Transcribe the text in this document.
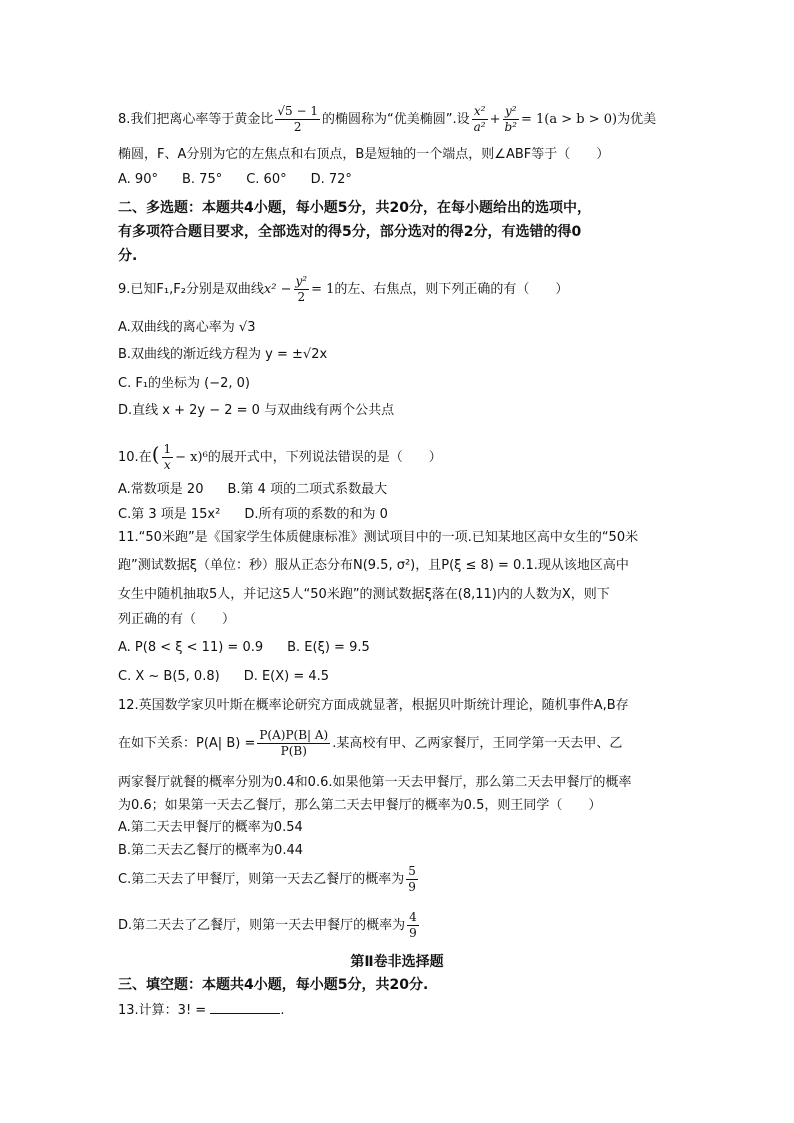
8.我们把离心率等于黄金比 $\frac{√5 - 1}{2}$ 的椭圆称为“优美椭圆”.设 $\frac{\text{x²}}{\text{a²}} + \frac{\text{y²}}{\text{b²}} = 1(a > b > 0)$为优美
椭圆，F、A分别为它的左焦点和右顶点，B是短轴的一个端点，则∠ABF等于（　　）
A. 90° B. 75° C. 60° D. 72°
二、多选题：本题共4小题，每小题5分，共20分，在每小题给出的选项中，
有多项符合题目要求，全部选对的得5分，部分选对的得2分，有选错的得0
分.
9.已知F₁,F₂分别是双曲线$x^2 - \frac{\text{y²}}{2} = 1$的左、右焦点，则下列正确的有（　　）
A.双曲线的离心率为 √3
B.双曲线的渐近线方程为 y = ±√2x
C. F₁的坐标为 (−2, 0)
D.直线 x + 2y − 2 = 0 与双曲线有两个公共点
10.在( $\frac{1}{x} - x)^6$的展开式中，下列说法错误的是（　　）
A.常数项是 20 B.第 4 项的二项式系数最大
C.第 3 项是 15x² D.所有项的系数的和为 0
11.“50米跑”是《国家学生体质健康标准》测试项目中的一项.已知某地区高中女生的“50米
跑”测试数据ξ（单位：秒）服从正态分布N(9.5, σ²)，且P(ξ ≤ 8) = 0.1.现从该地区高中
女生中随机抽取5人，并记这5人“50米跑”的测试数据ξ落在(8,11)内的人数为X，则下
列正确的有（　　）
A. P(8 < ξ < 11) = 0.9 B. E(ξ) = 9.5
C. X ~ B(5, 0.8) D. E(X) = 4.5
12.英国数学家贝叶斯在概率论研究方面成就显著，根据贝叶斯统计理论，随机事件A,B存
在如下关系：P(A| $B) = \frac{P(A)P(B| A)}{P(B)}$ .某高校有甲、乙两家餐厅，王同学第一天去甲、乙
两家餐厅就餐的概率分别为0.4和0.6.如果他第一天去甲餐厅，那么第二天去甲餐厅的概率
为0.6；如果第一天去乙餐厅，那么第二天去甲餐厅的概率为0.5，则王同学（　　）
A.第二天去甲餐厅的概率为0.54
B.第二天去乙餐厅的概率为0.44
C.第二天去了甲餐厅，则第一天去乙餐厅的概率为 $\frac{5}{9}$
D.第二天去了乙餐厅，则第一天去甲餐厅的概率为 $\frac{4}{9}$
第Ⅱ卷非选择题
三、填空题：本题共4小题，每小题5分，共20分.
13.计算：3! =	.
